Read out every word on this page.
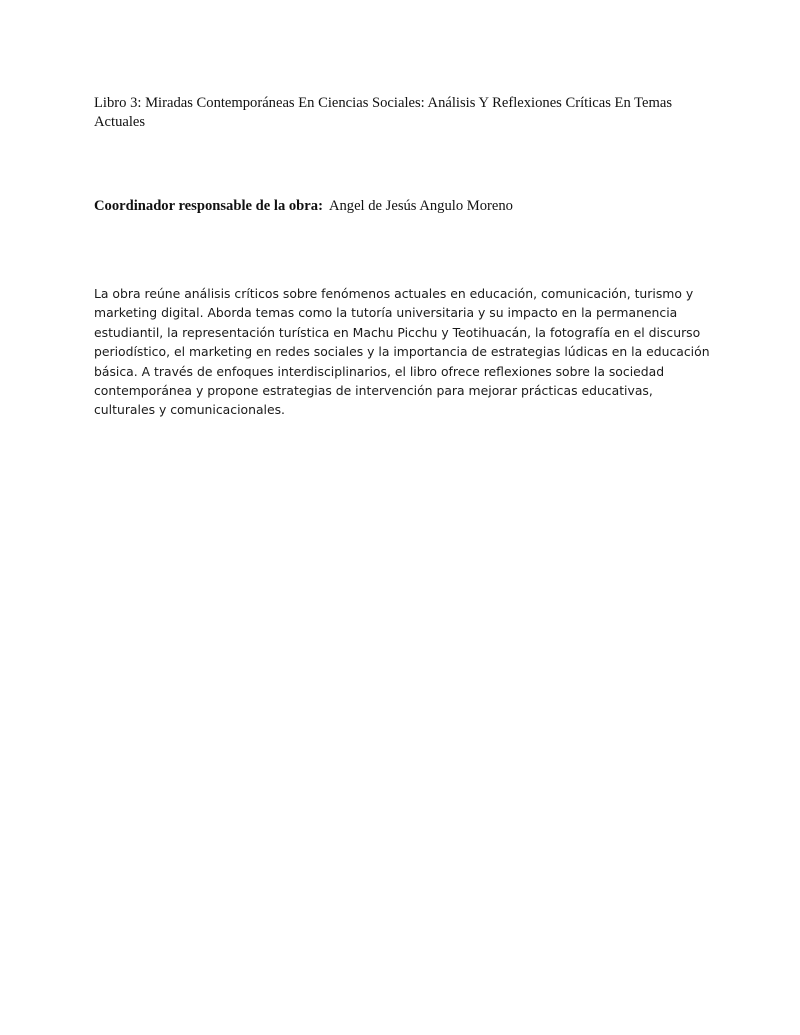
Libro 3: Miradas Contemporáneas En Ciencias Sociales: Análisis Y Reflexiones Críticas En Temas Actuales

Coordinador responsable de la obra: Angel de Jesús Angulo Moreno

La obra reúne análisis críticos sobre fenómenos actuales en educación, comunicación, turismo y marketing digital. Aborda temas como la tutoría universitaria y su impacto en la permanencia estudiantil, la representación turística en Machu Picchu y Teotihuacán, la fotografía en el discurso periodístico, el marketing en redes sociales y la importancia de estrategias lúdicas en la educación básica. A través de enfoques interdisciplinarios, el libro ofrece reflexiones sobre la sociedad contemporánea y propone estrategias de intervención para mejorar prácticas educativas, culturales y comunicacionales.
